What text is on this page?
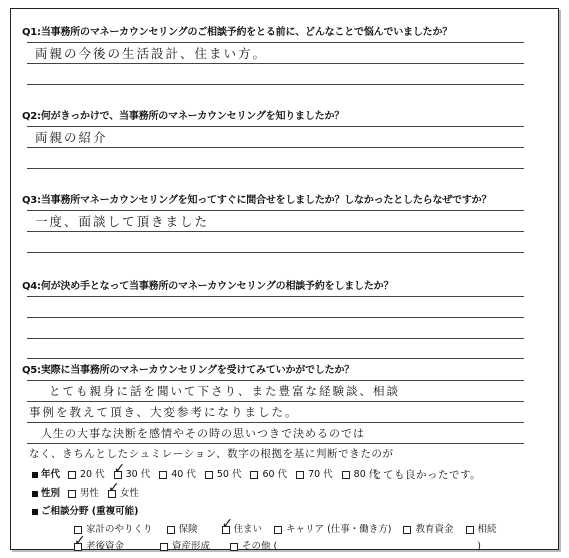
Q1:当事務所のマネーカウンセリングのご相談予約をとる前に、どんなことで悩んでいましたか？
両親の今後の生活設計、住まい方。
Q2:何がきっかけで、当事務所のマネーカウンセリングを知りましたか？
両親の紹介
Q3:当事務所マネーカウンセリングを知ってすぐに間合せをしましたか？しなかったとしたらなぜですか？
一度、面談して頂きました
Q4:何が決め手となって当事務所のマネーカウンセリングの相談予約をしましたか？
Q5:実際に当事務所のマネーカウンセリングを受けてみていかがでしたか？
とても親身に話を聞いて下さり、また豊富な経験談、相談
事例を教えて頂き、大変参考になりました。
人生の大事な決断を感情やその時の思いつきで決めるのでは
なく、きちんとしたシュミレーション、数字の根拠を基に判断できたのが
とても良かったです。
年代 20 代 ✓ 30 代 40 代 50 代 60 代 70 代 80 代
性別 男性 ✓ 女性
ご相談分野 (重複可能)
家計のやりくり	保険 ✓	住まい	キャリア (仕事・働き方)	教育資金	相続
✓
老後資金	資産形成	その他 (	)
